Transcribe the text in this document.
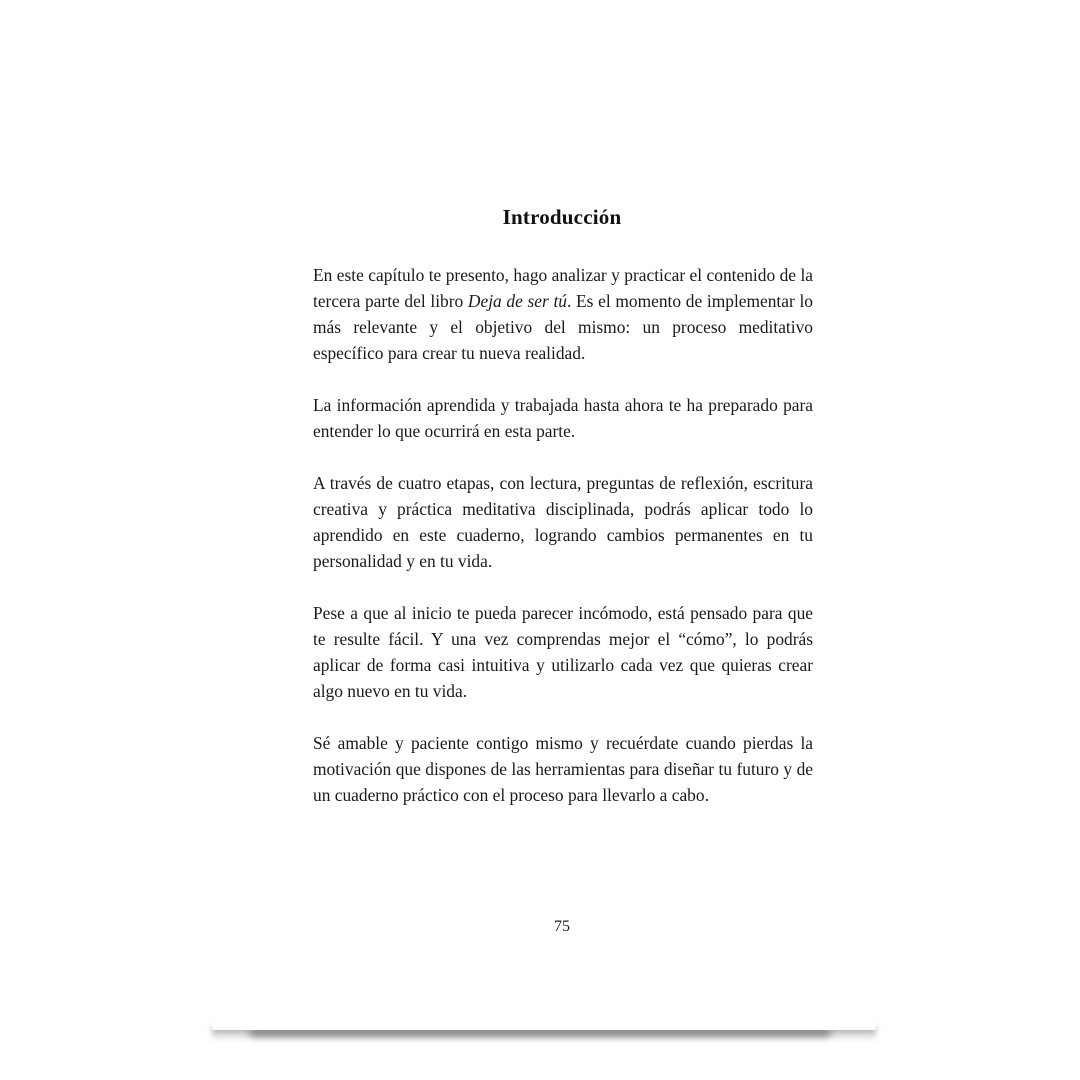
Introducción

En este capítulo te presento, hago analizar y practicar el contenido de la tercera parte del libro Deja de ser tú. Es el momento de implementar lo más relevante y el objetivo del mismo: un proceso meditativo específico para crear tu nueva realidad.

La información aprendida y trabajada hasta ahora te ha preparado para entender lo que ocurrirá en esta parte.

A través de cuatro etapas, con lectura, preguntas de reflexión, escritura creativa y práctica meditativa disciplinada, podrás aplicar todo lo aprendido en este cuaderno, logrando cambios permanentes en tu personalidad y en tu vida.

Pese a que al inicio te pueda parecer incómodo, está pensado para que te resulte fácil. Y una vez comprendas mejor el “cómo”, lo podrás aplicar de forma casi intuitiva y utilizarlo cada vez que quieras crear algo nuevo en tu vida.

Sé amable y paciente contigo mismo y recuérdate cuando pierdas la motivación que dispones de las herramientas para diseñar tu futuro y de un cuaderno práctico con el proceso para llevarlo a cabo.

75
